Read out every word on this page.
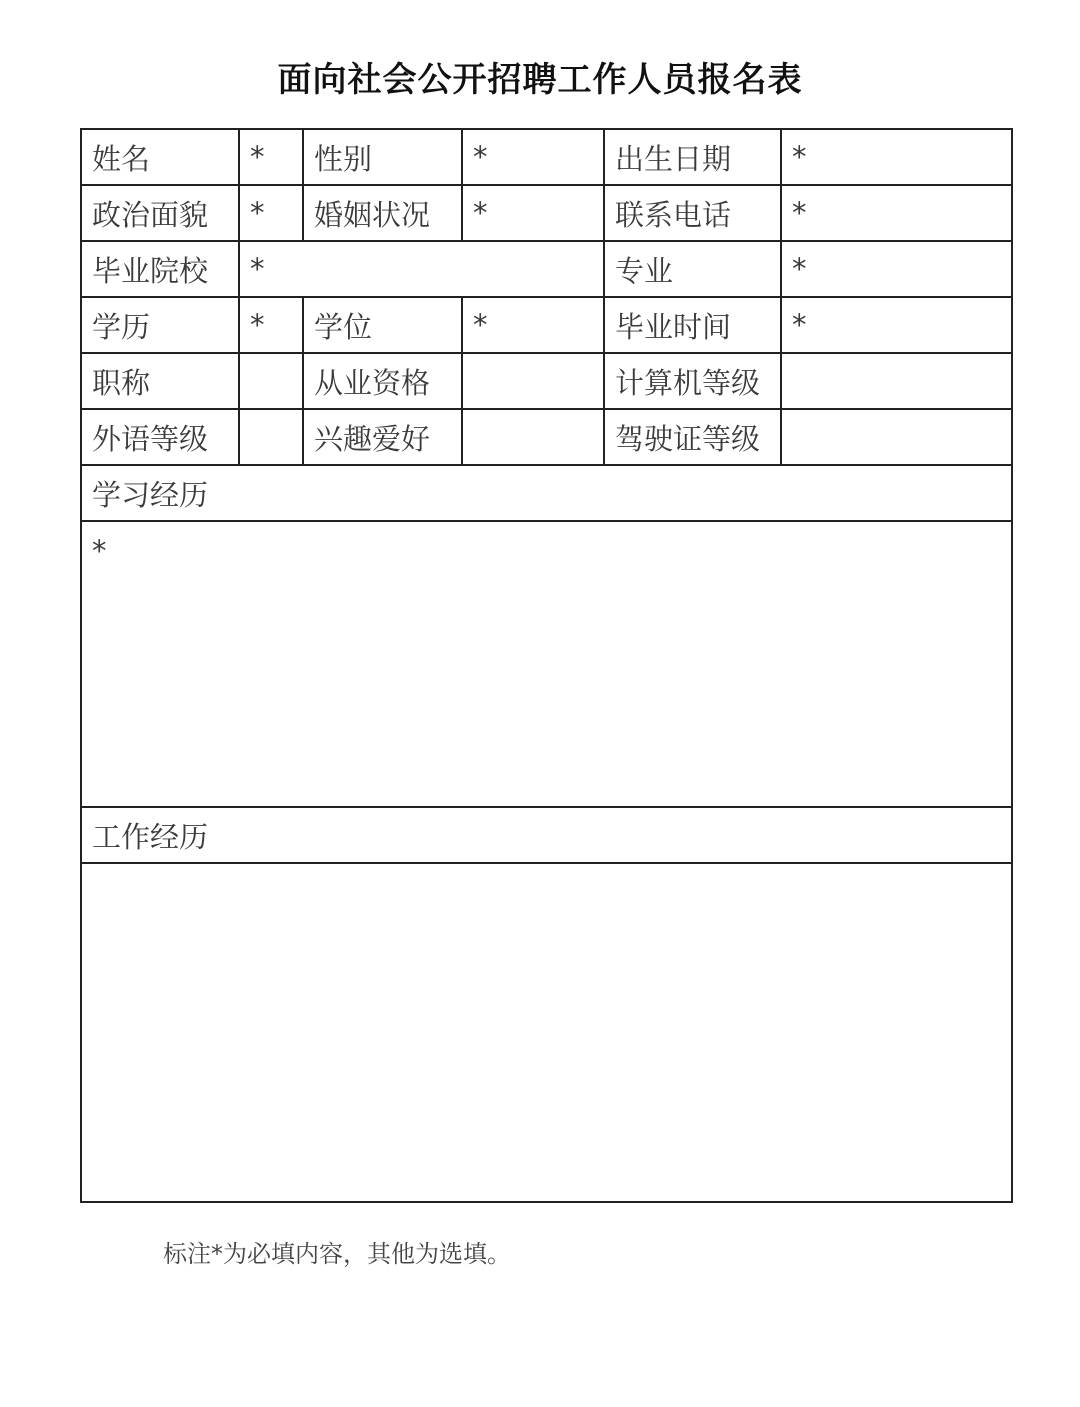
面向社会公开招聘工作人员报名表
姓名	*	性别	*	出生日期	*
政治面貌	*	婚姻状况	*	联系电话	*
毕业院校	*			专业	*
学历	*	学位	*	毕业时间	*
职称		从业资格		计算机等级	
外语等级		兴趣爱好		驾驶证等级	
学习经历					
*					
工作经历					

标注*为必填内容，其他为选填。
